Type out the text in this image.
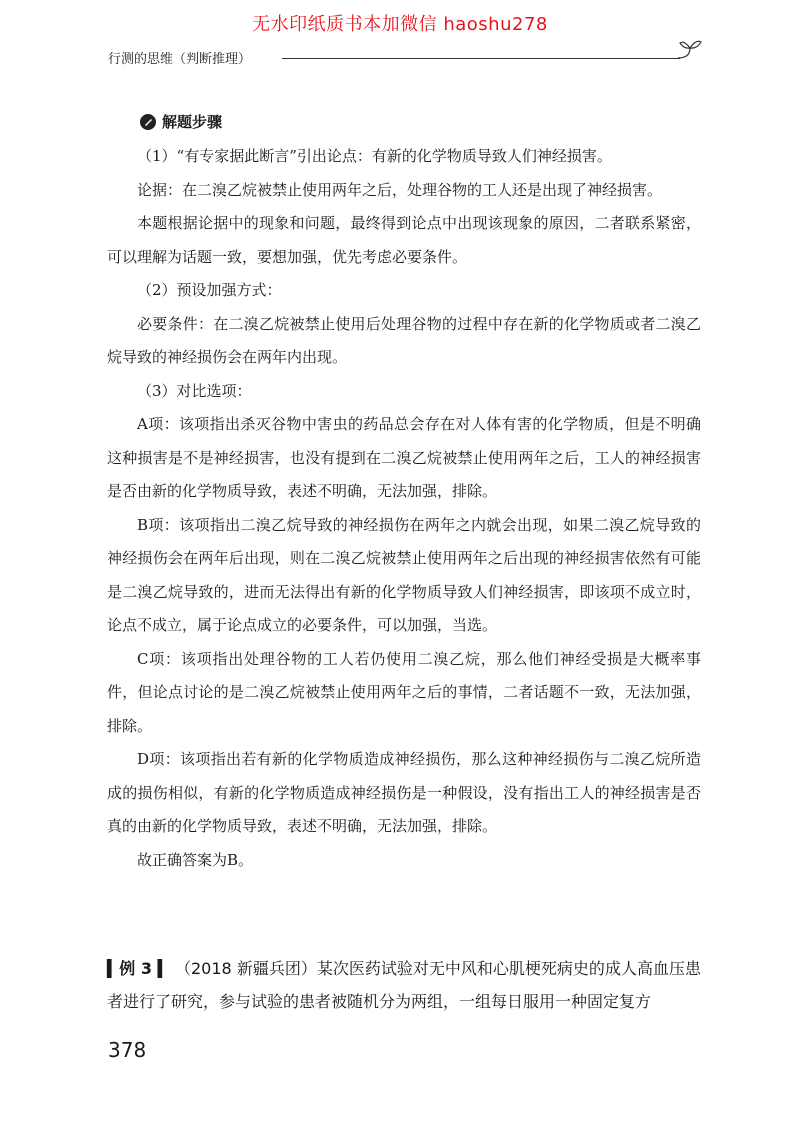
无水印纸质书本加微信 haoshu278
行测的思维（判断推理）
解题步骤

（1）“有专家据此断言”引出论点：有新的化学物质导致人们神经损害。

论据：在二溴乙烷被禁止使用两年之后，处理谷物的工人还是出现了神经损害。

本题根据论据中的现象和问题，最终得到论点中出现该现象的原因，二者联系紧密，可以理解为话题一致，要想加强，优先考虑必要条件。

（2）预设加强方式：

必要条件：在二溴乙烷被禁止使用后处理谷物的过程中存在新的化学物质或者二溴乙烷导致的神经损伤会在两年内出现。

（3）对比选项：

A项：该项指出杀灭谷物中害虫的药品总会存在对人体有害的化学物质，但是不明确这种损害是不是神经损害，也没有提到在二溴乙烷被禁止使用两年之后，工人的神经损害是否由新的化学物质导致，表述不明确，无法加强，排除。

B项：该项指出二溴乙烷导致的神经损伤在两年之内就会出现，如果二溴乙烷导致的神经损伤会在两年后出现，则在二溴乙烷被禁止使用两年之后出现的神经损害依然有可能是二溴乙烷导致的，进而无法得出有新的化学物质导致人们神经损害，即该项不成立时，论点不成立，属于论点成立的必要条件，可以加强，当选。

C项：该项指出处理谷物的工人若仍使用二溴乙烷，那么他们神经受损是大概率事件，但论点讨论的是二溴乙烷被禁止使用两年之后的事情，二者话题不一致，无法加强，排除。

D项：该项指出若有新的化学物质造成神经损伤，那么这种神经损伤与二溴乙烷所造成的损伤相似，有新的化学物质造成神经损伤是一种假设，没有指出工人的神经损害是否真的由新的化学物质导致，表述不明确，无法加强，排除。

故正确答案为B。

▍例 3 ▍ （2018 新疆兵团）某次医药试验对无中风和心肌梗死病史的成人高血压患者进行了研究，参与试验的患者被随机分为两组，一组每日服用一种固定复方
378
